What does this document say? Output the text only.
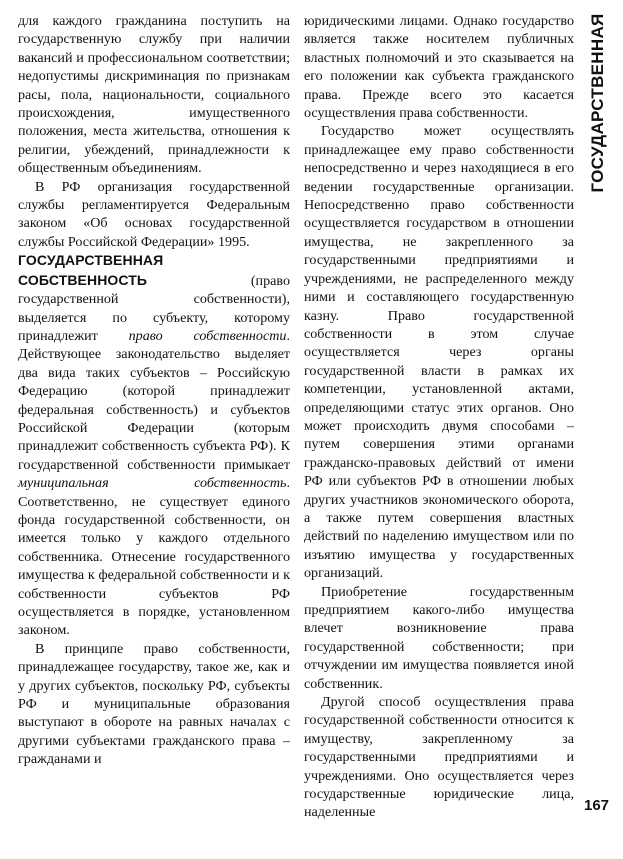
для каждого гражданина поступить на государственную службу при наличии вакансий и профессиональном соответствии; недопустимы дискриминация по признакам расы, пола, национальности, социального происхождения, имущественного положения, места жительства, отношения к религии, убеждений, принадлежности к общественным объединениям.

В РФ организация государственной службы регламентируется Федеральным законом «Об основах государственной службы Российской Федерации» 1995.

ГОСУДАРСТВЕННАЯ СОБСТВЕННОСТЬ (право государственной собственности), выделяется по субъекту, которому принадлежит право собственности. Действующее законодательство выделяет два вида таких субъектов – Российскую Федерацию (которой принадлежит федеральная собственность) и субъектов Российской Федерации (которым принадлежит собственность субъекта РФ). К государственной собственности примыкает муниципальная собственность. Соответственно, не существует единого фонда государственной собственности, он имеется только у каждого отдельного собственника. Отнесение государственного имущества к федеральной собственности и к собственности субъектов РФ осуществляется в порядке, установленном законом.

В принципе право собственности, принадлежащее государству, такое же, как и у других субъектов, поскольку РФ, субъекты РФ и муниципальные образования выступают в обороте на равных началах с другими субъектами гражданского права – гражданами и

юридическими лицами. Однако государство является также носителем публичных властных полномочий и это сказывается на его положении как субъекта гражданского права. Прежде всего это касается осуществления права собственности.

Государство может осуществлять принадлежащее ему право собственности непосредственно и через находящиеся в его ведении государственные организации. Непосредственно право собственности осуществляется государством в отношении имущества, не закрепленного за государственными предприятиями и учреждениями, не распределенного между ними и составляющего государственную казну. Право государственной собственности в этом случае осуществляется через органы государственной власти в рамках их компетенции, установленной актами, определяющими статус этих органов. Оно может происходить двумя способами – путем совершения этими органами гражданско-правовых действий от имени РФ или субъектов РФ в отношении любых других участников экономического оборота, а также путем совершения властных действий по наделению имуществом или по изъятию имущества у государственных организаций.

Приобретение государственным предприятием какого-либо имущества влечет возникновение права государственной собственности; при отчуждении им имущества появляется иной собственник.

Другой способ осуществления права государственной собственности относится к имуществу, закрепленному за государственными предприятиями и учреждениями. Оно осуществляется через государственные юридические лица, наделенные

ГОСУДАРСТВЕННАЯ
167
